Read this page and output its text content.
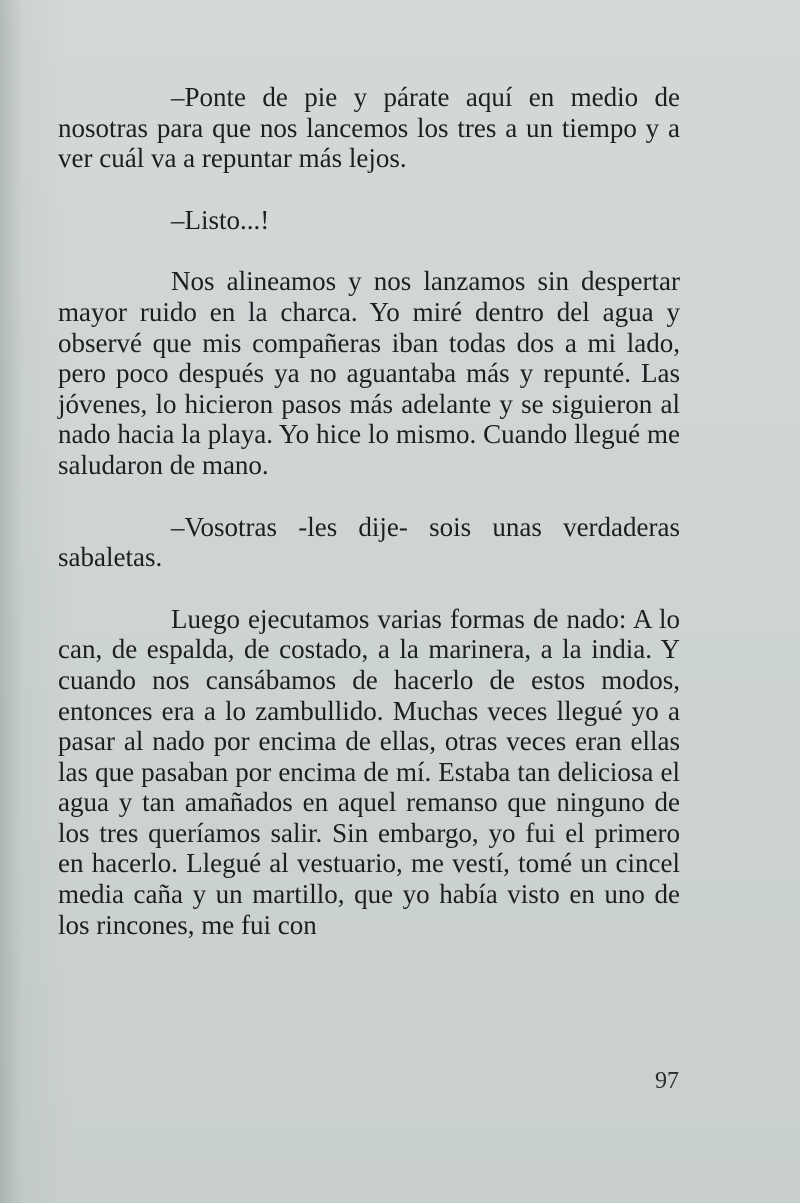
–Ponte de pie y párate aquí en medio de nosotras para que nos lancemos los tres a un tiempo y a ver cuál va a repuntar más lejos.

–Listo...!

Nos alineamos y nos lanzamos sin despertar mayor ruido en la charca. Yo miré dentro del agua y observé que mis compañeras iban todas dos a mi lado, pero poco después ya no aguantaba más y repunté. Las jóvenes, lo hicieron pasos más adelante y se siguieron al nado hacia la playa. Yo hice lo mismo. Cuando llegué me saludaron de mano.

–Vosotras -les dije- sois unas verdaderas sabaletas.

Luego ejecutamos varias formas de nado: A lo can, de espalda, de costado, a la marinera, a la india. Y cuando nos cansábamos de hacerlo de estos modos, entonces era a lo zambullido. Muchas veces llegué yo a pasar al nado por encima de ellas, otras veces eran ellas las que pasaban por encima de mí. Estaba tan deliciosa el agua y tan amañados en aquel remanso que ninguno de los tres queríamos salir. Sin embargo, yo fui el primero en hacerlo. Llegué al vestuario, me vestí, tomé un cincel media caña y un martillo, que yo había visto en uno de los rincones, me fui con

97
